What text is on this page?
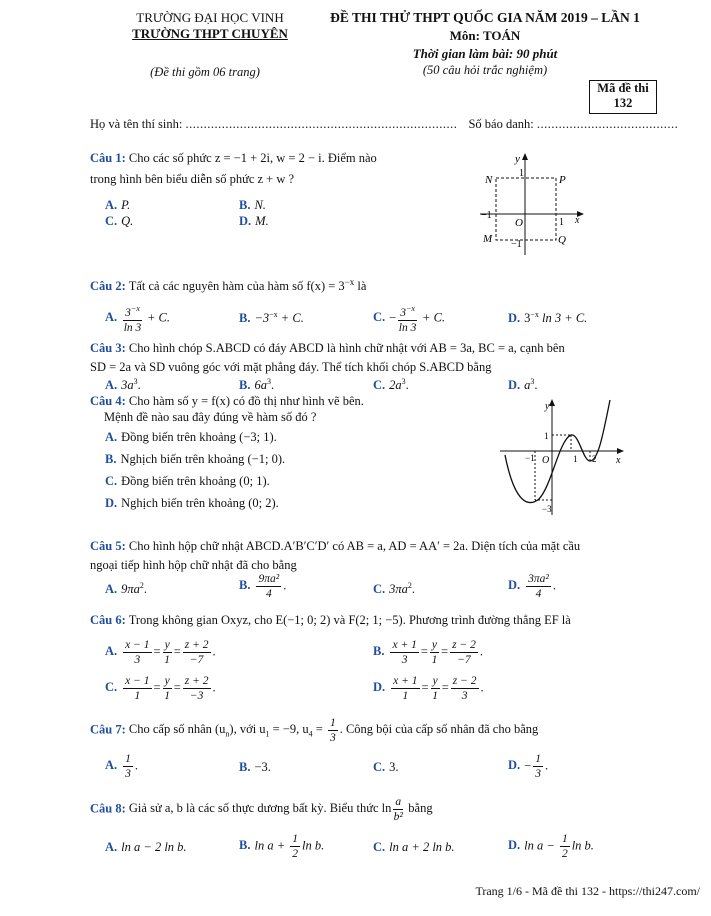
TRƯỜNG ĐẠI HỌC VINH
TRƯỜNG THPT CHUYÊN
(Đề thi gồm 06 trang)
ĐỀ THI THỬ THPT QUỐC GIA NĂM 2019 – LẦN 1
Môn: TOÁN
Thời gian làm bài: 90 phút
(50 câu hỏi trắc nghiệm)
Mã đề thi
132
Họ và tên thí sinh: ........................................................................... Số báo danh: .......................................
Câu 1: Cho các số phức z = −1 + 2i, w = 2 − i. Điểm nào
trong hình bên biểu diễn số phức z + w ?
A. P.	B. N.
C. Q.	D. M.
y
x
O
N	P
M	Q
1
−1
−1
1
Câu 2: Tất cả các nguyên hàm của hàm số $f(x) = 3^{-x}$ là
A. $\frac{3^{-x}}{\ln 3} + C$.	B. $-3^{-x} + C$.	C. − $\frac{3^{-x}}{\ln 3} + C$.	D. $3^{-x}$ ln 3 + C.
Câu 3: Cho hình chóp S.ABCD có đáy ABCD là hình chữ nhật với AB = 3a, BC = a, cạnh bên
SD = 2a và SD vuông góc với mặt phẳng đáy. Thể tích khối chóp S.ABCD bằng
A. $3a^3$.	B. $6a^3$.	C. $2a^3$.	D. $a^3$.
Câu 4: Cho hàm số y = f(x) có đồ thị như hình vẽ bên.
Mệnh đề nào sau đây đúng về hàm số đó ?
A. Đồng biến trên khoảng (−3; 1).
B. Nghịch biến trên khoảng (−1; 0).
C. Đồng biến trên khoảng (0; 1).
D. Nghịch biến trên khoảng (0; 2).
y
x
O
1
−1	1 2
−3
Câu 5: Cho hình hộp chữ nhật ABCD.A′B′C′D′ có AB = a, AD = AA′ = 2a. Diện tích của mặt cầu
ngoại tiếp hình hộp chữ nhật đã cho bằng
A. $9\pi a^2$.	B. $\frac{\text{9πa²}}{4}$ .	C. $3\pi a^2$.	D. $\frac{\text{3πa²}}{4}$ .
Câu 6: Trong không gian Oxyz, cho E(−1; 0; 2) và F(2; 1; −5). Phương trình đường thẳng EF là
A. $\frac{x - 1}{3} = \frac{y}{1} = \frac{z + 2}{-7}$ .	B. $\frac{x + 1}{3} = \frac{y}{1} = \frac{z - 2}{-7}$ .
C. $\frac{x - 1}{1} = \frac{y}{1} = \frac{z + 2}{-3}$ .	D. $\frac{x + 1}{1} = \frac{y}{1} = \frac{z - 2}{3}$ .
Câu 7: Cho cấp số nhân $(u_n)$, với $u_1 = -9$, $u_4 = \frac{1}{3}$ . Công bội của cấp số nhân đã cho bằng
A. $\frac{1}{3}$ .	B. −3.	C. 3.	D. − $\frac{1}{3}$ .
Câu 8: Giả sử a, b là các số thực dương bất kỳ. Biểu thức $\ln \frac{a}{\text{b²}}$ bằng
A. ln a − 2 ln b.	B. $\ln a + \frac{1}{2}$ ln b.	C. ln a + 2 ln b.	D. $\ln a - \frac{1}{2}$ ln b.
Trang 1/6 - Mã đề thi 132 - https://thi247.com/
